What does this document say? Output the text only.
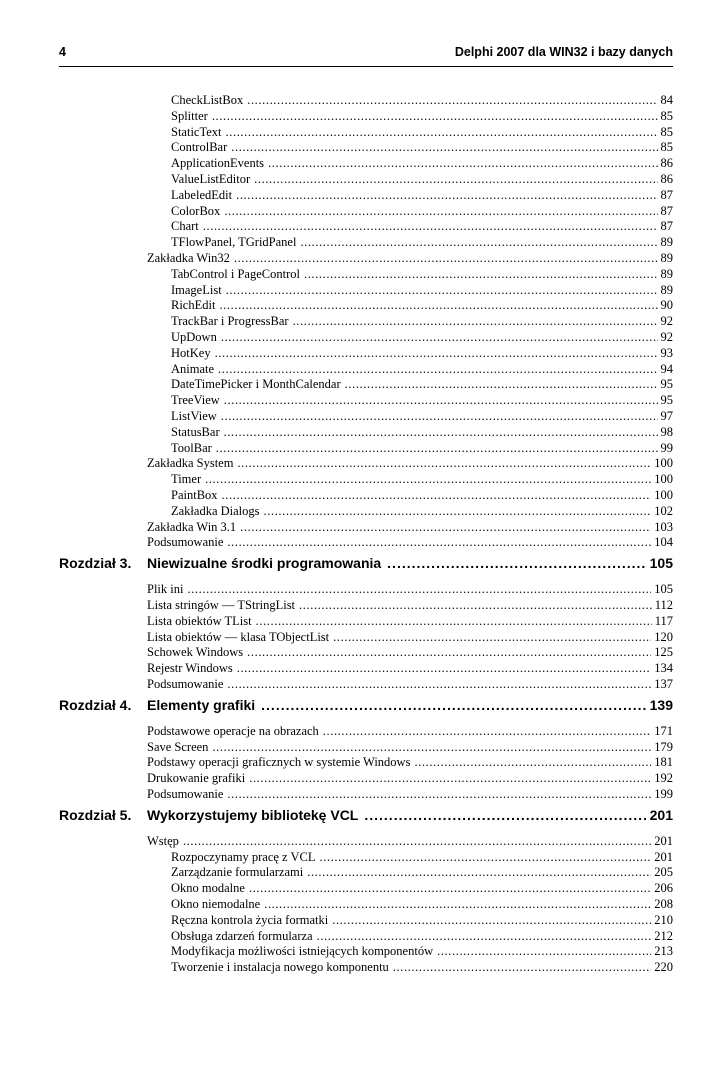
4	Delphi 2007 dla WIN32 i bazy danych
CheckListBox .....	84
Splitter .....	85
StaticText .....	85
ControlBar .....	85
ApplicationEvents .....	86
ValueListEditor .....	86
LabeledEdit .....	87
ColorBox .....	87
Chart .....	87
TFlowPanel, TGridPanel .....	89
Zakładka Win32 .....	89
TabControl i PageControl .....	89
ImageList .....	89
RichEdit .....	90
TrackBar i ProgressBar .....	92
UpDown .....	92
HotKey .....	93
Animate .....	94
DateTimePicker i MonthCalendar .....	95
TreeView .....	95
ListView .....	97
StatusBar .....	98
ToolBar .....	99
Zakładka System .....	100
Timer .....	100
PaintBox .....	100
Zakładka Dialogs .....	102
Zakładka Win 3.1 .....	103
Podsumowanie .....	104
Rozdział 3.	Niewizualne środki programowania .....	105
Plik ini .....	105
Lista stringów — TStringList .....	112
Lista obiektów TList .....	117
Lista obiektów — klasa TObjectList .....	120
Schowek Windows .....	125
Rejestr Windows .....	134
Podsumowanie .....	137
Rozdział 4.	Elementy grafiki .....	139
Podstawowe operacje na obrazach .....	171
Save Screen .....	179
Podstawy operacji graficznych w systemie Windows .....	181
Drukowanie grafiki .....	192
Podsumowanie .....	199
Rozdział 5.	Wykorzystujemy bibliotekę VCL .....	201
Wstęp .....	201
Rozpoczynamy pracę z VCL .....	201
Zarządzanie formularzami .....	205
Okno modalne .....	206
Okno niemodalne .....	208
Ręczna kontrola życia formatki .....	210
Obsługa zdarzeń formularza .....	212
Modyfikacja możliwości istniejących komponentów .....	213
Tworzenie i instalacja nowego komponentu .....	220
